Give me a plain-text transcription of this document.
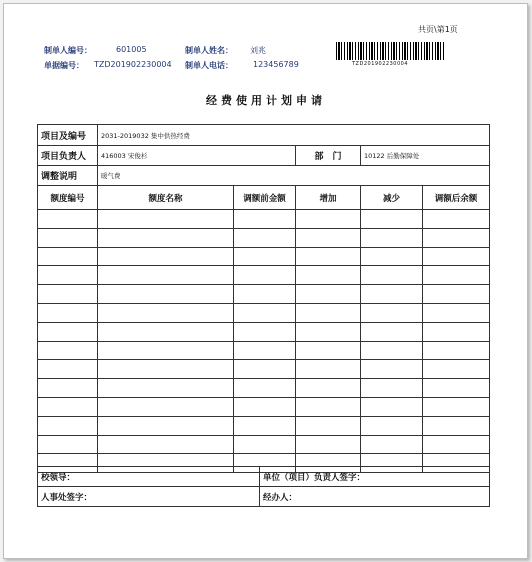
共页\第1页
制单人编号：	601005	制单人姓名： 刘兆
单据编号： TZD201902230004 制单人电话：	123456789	TZD201902230004
经费使用计划申请
项目及编号	2031-2019032 集中供热经费				
项目负责人	416003 宋俊杉		部　门	10122 后勤保障处	
调整说明	暖气费				
额度编号	额度名称	调额前金额	增加	减少	调额后余额

校领导：	单位（项目）负责人签字：
人事处签字：	经办人：
